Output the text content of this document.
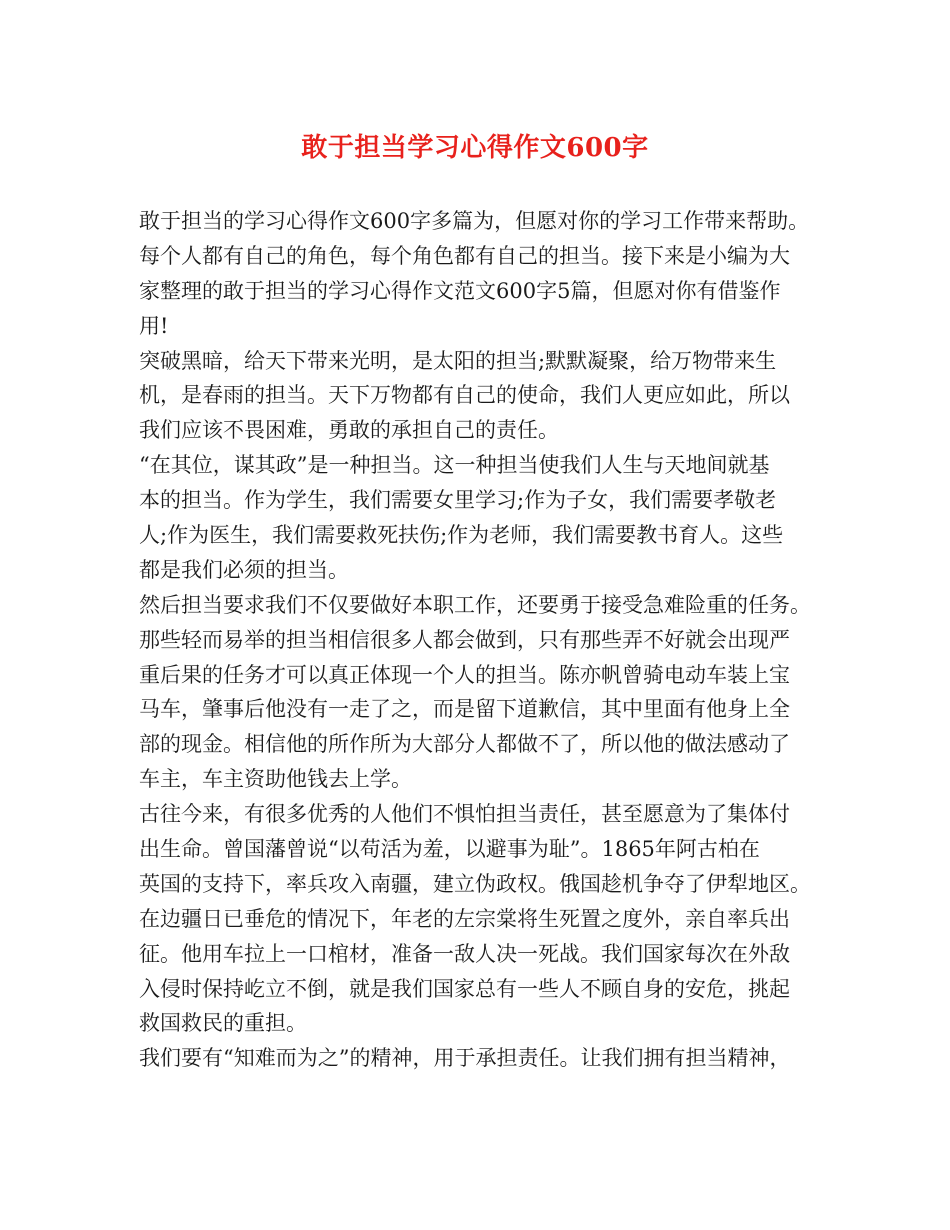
敢于担当学习心得作文600字
敢于担当的学习心得作文600字多篇为，但愿对你的学习工作带来帮助。
每个人都有自己的角色，每个角色都有自己的担当。接下来是小编为大
家整理的敢于担当的学习心得作文范文600字5篇，但愿对你有借鉴作
用!
突破黑暗，给天下带来光明，是太阳的担当;默默凝聚，给万物带来生
机，是春雨的担当。天下万物都有自己的使命，我们人更应如此，所以
我们应该不畏困难，勇敢的承担自己的责任。
“在其位，谋其政”是一种担当。这一种担当使我们人生与天地间就基
本的担当。作为学生，我们需要女里学习;作为子女，我们需要孝敬老
人;作为医生，我们需要救死扶伤;作为老师，我们需要教书育人。这些
都是我们必须的担当。
然后担当要求我们不仅要做好本职工作，还要勇于接受急难险重的任务。
那些轻而易举的担当相信很多人都会做到，只有那些弄不好就会出现严
重后果的任务才可以真正体现一个人的担当。陈亦帆曾骑电动车装上宝
马车，肇事后他没有一走了之，而是留下道歉信，其中里面有他身上全
部的现金。相信他的所作所为大部分人都做不了，所以他的做法感动了
车主，车主资助他钱去上学。
古往今来，有很多优秀的人他们不惧怕担当责任，甚至愿意为了集体付
出生命。曾国藩曾说“以苟活为羞，以避事为耻”。1865年阿古柏在
英国的支持下，率兵攻入南疆，建立伪政权。俄国趁机争夺了伊犁地区。
在边疆日已垂危的情况下，年老的左宗棠将生死置之度外，亲自率兵出
征。他用车拉上一口棺材，准备一敌人决一死战。我们国家每次在外敌
入侵时保持屹立不倒，就是我们国家总有一些人不顾自身的安危，挑起
救国救民的重担。
我们要有“知难而为之”的精神，用于承担责任。让我们拥有担当精神，
